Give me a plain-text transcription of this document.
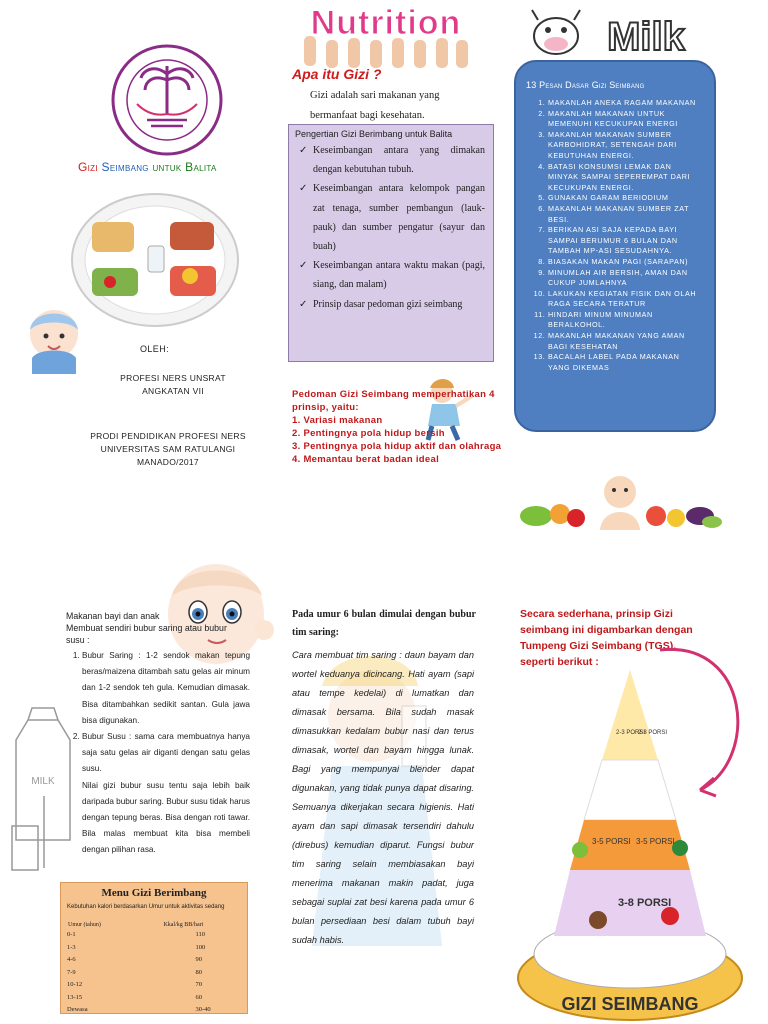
Gizi Seimbang untuk Balita
OLEH:
PROFESI NERS UNSRAT
ANGKATAN VII
PRODI PENDIDIKAN PROFESI NERS
UNIVERSITAS SAM RATULANGI
MANADO/2017
Nutrition
Apa itu Gizi ?
Gizi adalah sari makanan yang bermanfaat bagi kesehatan.
Pengertian Gizi Berimbang untuk Balita
✓ Keseimbangan antara yang dimakan dengan kebutuhan tubuh.
✓ Keseimbangan antara kelompok pangan zat tenaga, sumber pembangun (lauk-pauk) dan sumber pengatur (sayur dan buah)
✓ Keseimbangan antara waktu makan (pagi, siang, dan malam)
✓ Prinsip dasar pedoman gizi seimbang
Pedoman Gizi Seimbang memperhatikan 4 prinsip, yaitu:
1. Variasi makanan
2. Pentingnya pola hidup bersih
3. Pentingnya pola hidup aktif dan olahraga
4. Memantau berat badan ideal
Milk
13 Pesan Dasar Gizi Seimbang
1. MAKANLAH ANEKA RAGAM MAKANAN
2. MAKANLAH MAKANAN UNTUK MEMENUHI KECUKUPAN ENERGI
3. MAKANLAH MAKANAN SUMBER KARBOHIDRAT, SETENGAH DARI KEBUTUHAN ENERGI.
4. BATASI KONSUMSI LEMAK DAN MINYAK SAMPAI SEPEREMPAT DARI KECUKUPAN ENERGI.
5. GUNAKAN GARAM BERIODIUM
6. MAKANLAH MAKANAN SUMBER ZAT BESI.
7. BERIKAN ASI SAJA KEPADA BAYI SAMPAI BERUMUR 6 BULAN DAN TAMBAH MP-ASI SESUDAHNYA.
8. BIASAKAN MAKAN PAGI (SARAPAN)
9. MINUMLAH AIR BERSIH, AMAN DAN CUKUP JUMLAHNYA
10. LAKUKAN KEGIATAN FISIK DAN OLAH RAGA SECARA TERATUR
11. HINDARI MINUM MINUMAN BERALKOHOL.
12. MAKANLAH MAKANAN YANG AMAN BAGI KESEHATAN
13. BACALAH LABEL PADA MAKANAN YANG DIKEMAS
MILK
Makanan bayi dan anak
Membuat sendiri bubur saring atau bubur susu :
1. Bubur Saring : 1-2 sendok makan tepung beras/maizena ditambah satu gelas air minum dan 1-2 sendok teh gula. Kemudian dimasak. Bisa ditambahkan sedikit santan. Gula jawa bisa digunakan.
2. Bubur Susu : sama cara membuatnya hanya saja satu gelas air diganti dengan satu gelas susu.

Nilai gizi bubur susu tentu saja lebih baik daripada bubur saring. Bubur susu tidak harus dengan tepung beras. Bisa dengan roti tawar. Bila malas membuat kita bisa membeli dengan pilihan rasa.

Menu Gizi Berimbang
Kebutuhan kalori berdasarkan Umur untuk aktivitas sedang
Umur (tahun)	Kkal/kg BB/hari
0-1	110
1-3	100
4-6	90
7-9	80
10-12	70
13-15	60
Dewasa	30-40
Pada umur 6 bulan dimulai dengan bubur tim saring:
Cara membuat tim saring : daun bayam dan wortel keduanya dicincang. Hati ayam (sapi atau tempe kedelai) di lumatkan dan dimasak bersama. Bila sudah masak dimasukkan kedalam bubur nasi dan terus dimasak, wortel dan bayam hingga lunak. Bagi yang mempunyai blender dapat digunakan, yang tidak punya dapat disaring. Semuanya dikerjakan secara higienis. Hati ayam dan sapi dimasak tersendiri dahulu (direbus) kemudian diparut. Fungsi bubur tim saring selain membiasakan bayi menerima makanan makin padat, juga sebagai suplai zat besi karena pada umur 6 bulan persediaan besi dalam tubuh bayi sudah habis.
Secara sederhana, prinsip Gizi seimbang ini digambarkan dengan Tumpeng Gizi Seimbang (TGS), seperti berikut :
2-3 PORSI
2-3 PORSI
3-5 PORSI 3-5 PORSI
3-8 PORSI
GIZI SEIMBANG
